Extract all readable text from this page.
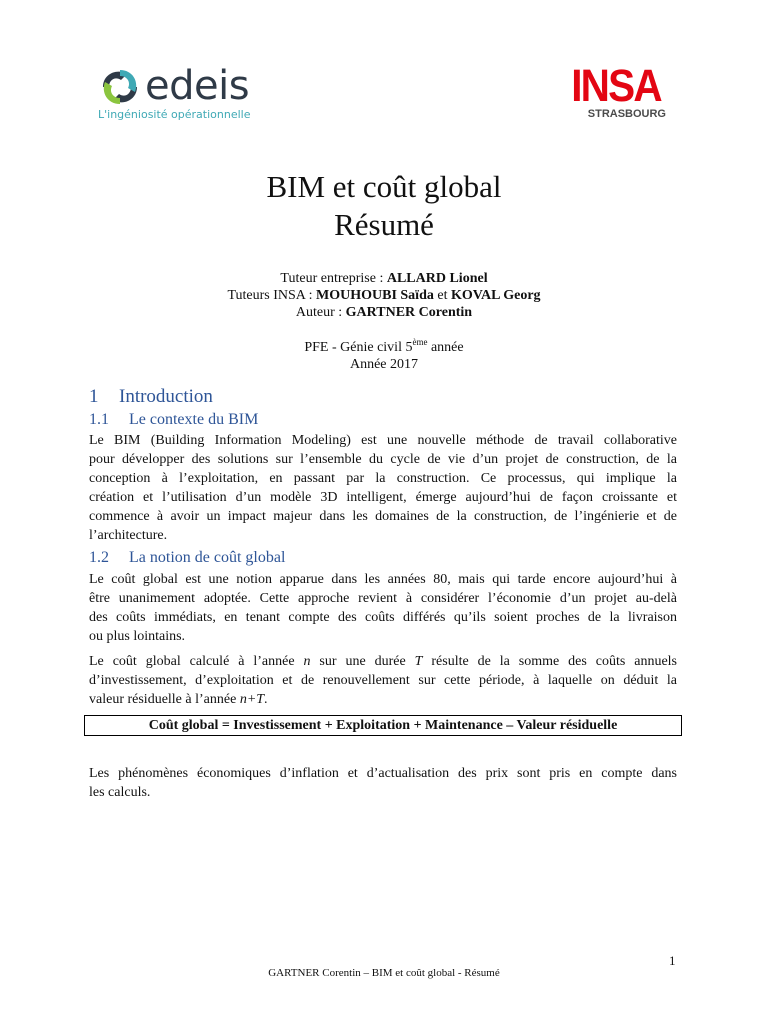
edeis
L'ingéniosité opérationnelle
INSA
STRASBOURG
BIM et coût global
Résumé
Tuteur entreprise : ALLARD Lionel
Tuteurs INSA : MOUHOUBI Saïda et KOVAL Georg
Auteur : GARTNER Corentin
PFE - Génie civil 5ème année
Année 2017
1 Introduction
1.1 Le contexte du BIM
Le BIM (Building Information Modeling) est une nouvelle méthode de travail collaborative
pour développer des solutions sur l’ensemble du cycle de vie d’un projet de construction, de la
conception à l’exploitation, en passant par la construction. Ce processus, qui implique la
création et l’utilisation d’un modèle 3D intelligent, émerge aujourd’hui de façon croissante et
commence à avoir un impact majeur dans les domaines de la construction, de l’ingénierie et de
l’architecture.
1.2 La notion de coût global
Le coût global est une notion apparue dans les années 80, mais qui tarde encore aujourd’hui à
être unanimement adoptée. Cette approche revient à considérer l’économie d’un projet au-delà
des coûts immédiats, en tenant compte des coûts différés qu’ils soient proches de la livraison
ou plus lointains.
Le coût global calculé à l’année n sur une durée T résulte de la somme des coûts annuels
d’investissement, d’exploitation et de renouvellement sur cette période, à laquelle on déduit la
valeur résiduelle à l’année n+T.
Coût global = Investissement + Exploitation + Maintenance – Valeur résiduelle
Les phénomènes économiques d’inflation et d’actualisation des prix sont pris en compte dans
les calculs.
1
GARTNER Corentin – BIM et coût global - Résumé
